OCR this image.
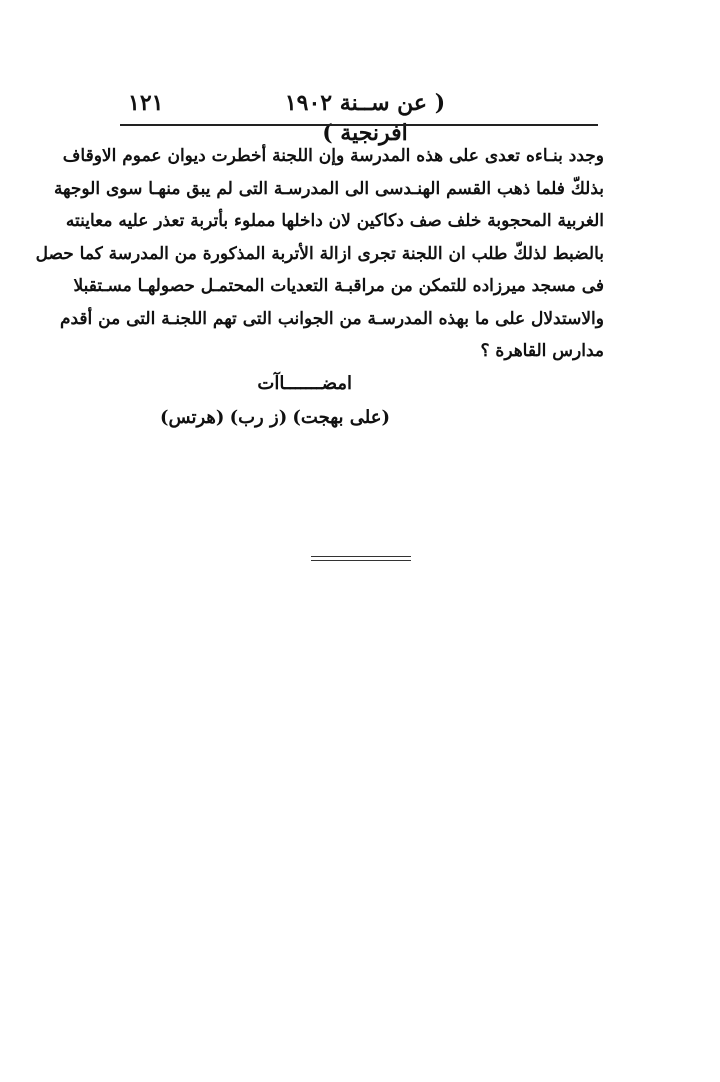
( عن ســنة ١٩٠٢ افرنجية )
١٢١
وجدد بنـاءه تعدى على هذه المدرسة وإن اللجنة أخطرت ديوان عموم الاوقاف
بذلكّ فلما ذهب القسم الهنـدسى الى المدرسـة التى لم يبق منهـا سوى الوجهة
الغربية المحجوبة خلف صف دكاكين لان داخلها مملوء بأتربة تعذر عليه معاينته
بالضبط لذلكّ طلب ان اللجنة تجرى ازالة الأتربة المذكورة من المدرسة كما حصل
فى مسجد ميرزاده للتمكن من مراقبـة التعديات المحتمـل حصولهـا مسـتقبلا
والاستدلال على ما بهذه المدرسـة من الجوانب التى تهم اللجنـة التى من أقدم
مدارس القاهرة ؟
امضـــــــاآت
(على بهجت)
(ز رب)
(هرتس)
